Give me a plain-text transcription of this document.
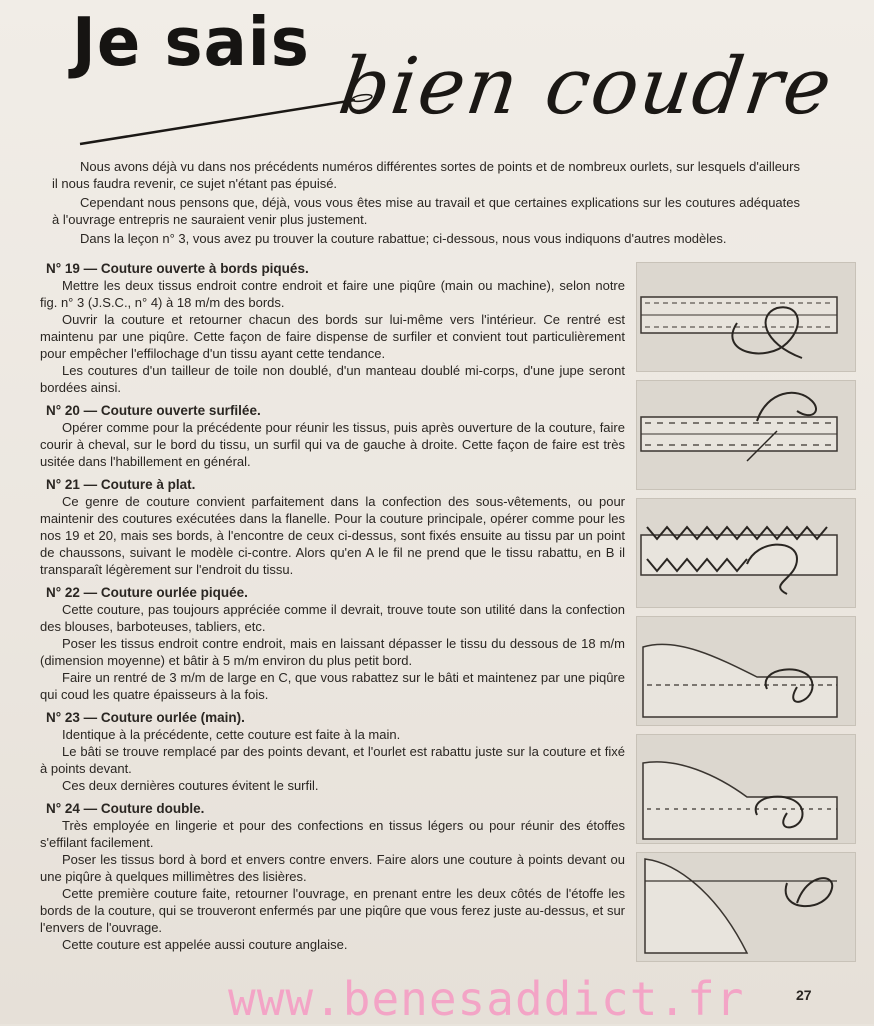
Je sais bien coudre

Nous avons déjà vu dans nos précédents numéros différentes sortes de points et de nombreux ourlets, sur lesquels d'ailleurs il nous faudra revenir, ce sujet n'étant pas épuisé.

Cependant nous pensons que, déjà, vous vous êtes mise au travail et que certaines explications sur les coutures adéquates à l'ouvrage entrepris ne sauraient venir plus justement.

Dans la leçon n° 3, vous avez pu trouver la couture rabattue; ci-dessous, nous vous indiquons d'autres modèles.

N° 19 — Couture ouverte à bords piqués.

Mettre les deux tissus endroit contre endroit et faire une piqûre (main ou machine), selon notre fig. n° 3 (J.S.C., n° 4) à 18 m/m des bords.

Ouvrir la couture et retourner chacun des bords sur lui-même vers l'intérieur. Ce rentré est maintenu par une piqûre. Cette façon de faire dispense de surfiler et convient tout particulièrement pour empêcher l'effilochage d'un tissu ayant cette tendance.

Les coutures d'un tailleur de toile non doublé, d'un manteau doublé mi-corps, d'une jupe seront bordées ainsi.

N° 20 — Couture ouverte surfilée.

Opérer comme pour la précédente pour réunir les tissus, puis après ouverture de la couture, faire courir à cheval, sur le bord du tissu, un surfil qui va de gauche à droite. Cette façon de faire est très usitée dans l'habillement en général.

N° 21 — Couture à plat.

Ce genre de couture convient parfaitement dans la confection des sous-vêtements, ou pour maintenir des coutures exécutées dans la flanelle. Pour la couture principale, opérer comme pour les nos 19 et 20, mais ses bords, à l'encontre de ceux ci-dessus, sont fixés ensuite au tissu par un point de chaussons, suivant le modèle ci-contre. Alors qu'en A le fil ne prend que le tissu rabattu, en B il transparaît légèrement sur l'endroit du tissu.

N° 22 — Couture ourlée piquée.

Cette couture, pas toujours appréciée comme il devrait, trouve toute son utilité dans la confection des blouses, barboteuses, tabliers, etc.

Poser les tissus endroit contre endroit, mais en laissant dépasser le tissu du dessous de 18 m/m (dimension moyenne) et bâtir à 5 m/m environ du plus petit bord.

Faire un rentré de 3 m/m de large en C, que vous rabattez sur le bâti et maintenez par une piqûre qui coud les quatre épaisseurs à la fois.

N° 23 — Couture ourlée (main).

Identique à la précédente, cette couture est faite à la main.

Le bâti se trouve remplacé par des points devant, et l'ourlet est rabattu juste sur la couture et fixé à points devant.

Ces deux dernières coutures évitent le surfil.

N° 24 — Couture double.

Très employée en lingerie et pour des confections en tissus légers ou pour réunir des étoffes s'effilant facilement.

Poser les tissus bord à bord et envers contre envers. Faire alors une couture à points devant ou une piqûre à quelques millimètres des lisières.

Cette première couture faite, retourner l'ouvrage, en prenant entre les deux côtés de l'étoffe les bords de la couture, qui se trouveront enfermés par une piqûre que vous ferez juste au-dessus, et sur l'envers de l'ouvrage.

Cette couture est appelée aussi couture anglaise.

www.benesaddict.fr	27
